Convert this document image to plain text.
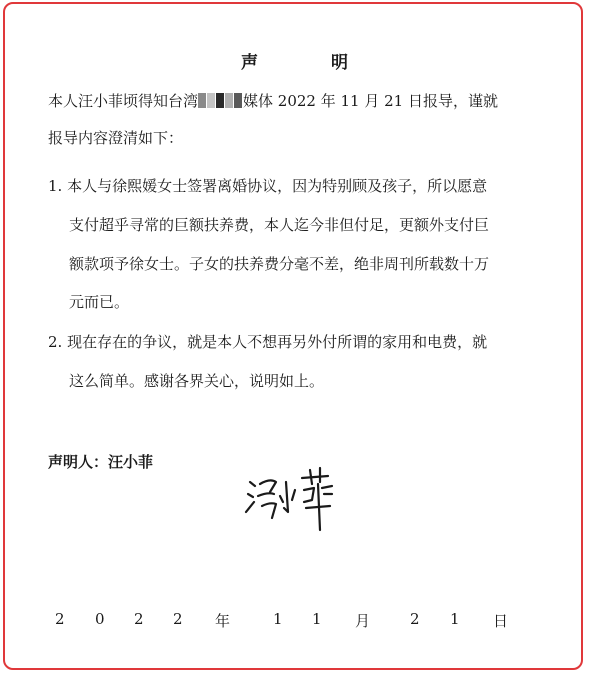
声　明
本人汪小菲顷得知台湾	媒体 2022 年 11 月 21 日报导，谨就
报导内容澄清如下：
1. 本人与徐熙媛女士签署离婚协议，因为特别顾及孩子，所以愿意
支付超乎寻常的巨额扶养费，本人迄今非但付足，更额外支付巨
额款项予徐女士。子女的扶养费分毫不差，绝非周刊所载数十万
元而已。
2. 现在存在的争议，就是本人不想再另外付所谓的家用和电费，就
这么简单。感谢各界关心，说明如上。
声明人：汪小菲
2 0 2 2 年	1 1 月	2 1 日
